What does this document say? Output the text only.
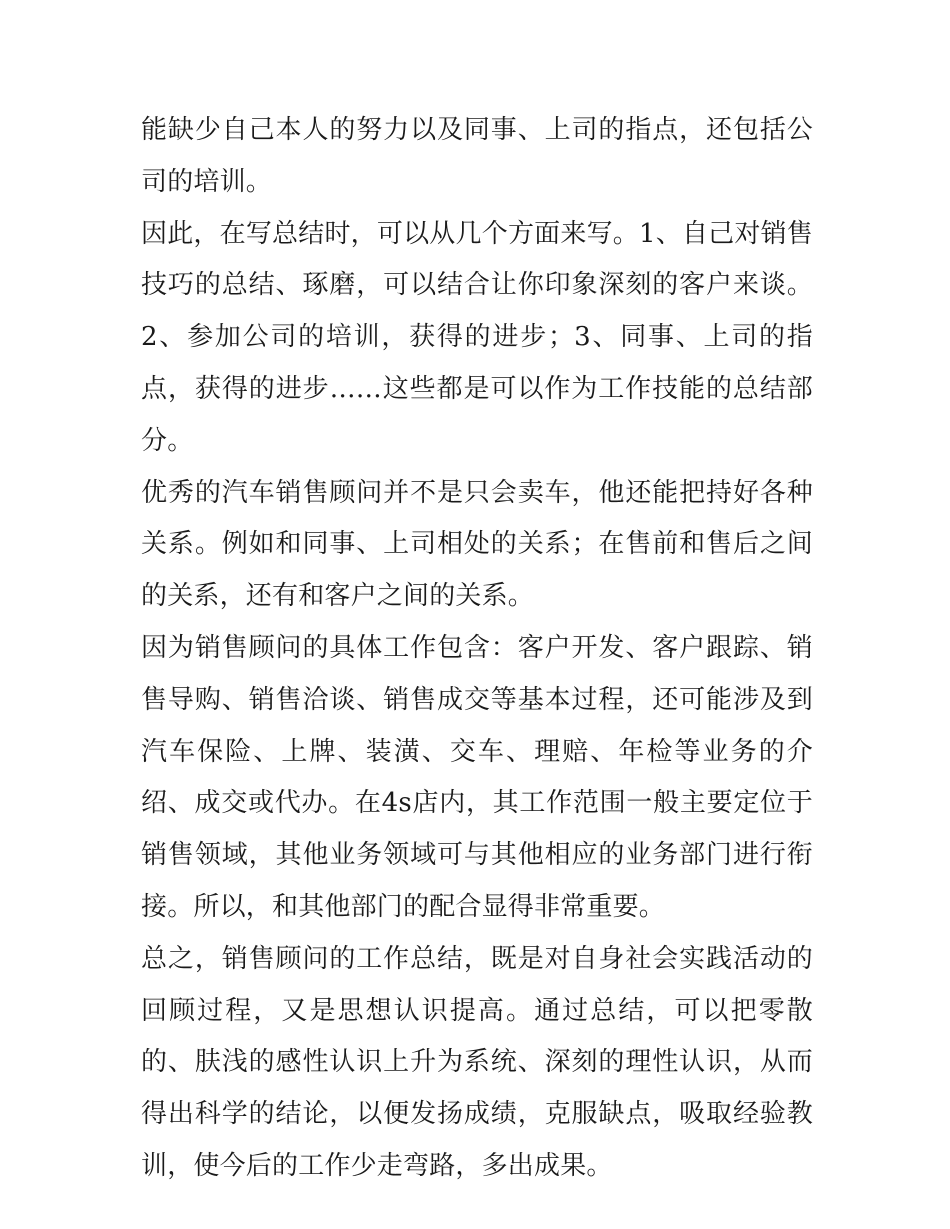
能缺少自己本人的努力以及同事、上司的指点，还包括公司的培训。

因此，在写总结时，可以从几个方面来写。1、自己对销售技巧的总结、琢磨，可以结合让你印象深刻的客户来谈。2、参加公司的培训，获得的进步；3、同事、上司的指点，获得的进步……这些都是可以作为工作技能的总结部分。

优秀的汽车销售顾问并不是只会卖车，他还能把持好各种关系。例如和同事、上司相处的关系；在售前和售后之间的关系，还有和客户之间的关系。

因为销售顾问的具体工作包含：客户开发、客户跟踪、销售导购、销售洽谈、销售成交等基本过程，还可能涉及到汽车保险、上牌、装潢、交车、理赔、年检等业务的介绍、成交或代办。在4s店内，其工作范围一般主要定位于销售领域，其他业务领域可与其他相应的业务部门进行衔接。所以，和其他部门的配合显得非常重要。

总之，销售顾问的工作总结，既是对自身社会实践活动的回顾过程，又是思想认识提高。通过总结，可以把零散的、肤浅的感性认识上升为系统、深刻的理性认识，从而得出科学的结论，以便发扬成绩，克服缺点，吸取经验教训，使今后的工作少走弯路，多出成果。
